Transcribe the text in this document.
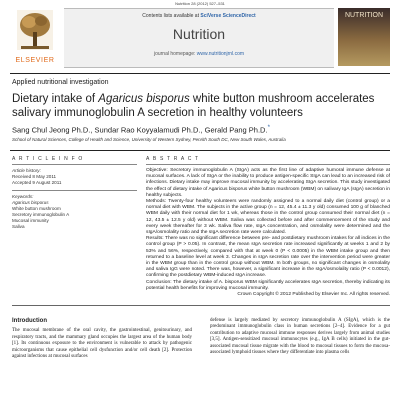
Nutrition 28 (2012) 527–531
ELSEVIER
Contents lists available at SciVerse ScienceDirect
Nutrition
journal homepage: www.nutritionjrnl.com
NUTRITION
Applied nutritional investigation
Dietary intake of Agaricus bisporus white button mushroom accelerates salivary immunoglobulin A secretion in healthy volunteers
Sang Chul Jeong Ph.D., Sundar Rao Koyyalamudi Ph.D., Gerald Pang Ph.D.*
School of Natural Sciences, College of Health and Science, University of Western Sydney, Penrith South DC, New South Wales, Australia
A R T I C L E I N F O	A B S T R A C T
Article history:
Received 8 May 2011
Accepted 9 August 2011
Keywords:
Agaricus bisporus
White button mushroom
Secretory immunoglobulin A
Mucosal immunity
Saliva

Objective: Secretory immunoglobulin A (SIgA) acts as the first line of adaptive humoral immune defense at mucosal surfaces. A lack of SIgA or the inability to produce antigen-specific SIgA can lead to an increased risk of infections. Dietary intake may improve mucosal immunity by accelerating SIgA secretion. This study investigated the effect of dietary intake of Agaricus bisporus white button mushroom (WBM) on salivary IgA (sIgA) secretion in healthy subjects.

Methods: Twenty-four healthy volunteers were randomly assigned to a normal daily diet (control group) or a normal diet with WBM. The subjects in the active group (n = 12, 45.4 ± 11.3 y old) consumed 100 g of blanched WBM daily with their normal diet for 1 wk, whereas those in the control group consumed their normal diet (n = 12, 43.5 ± 12.5 y old) without WBM. Saliva was collected before and after commencement of the study and every week thereafter for 3 wk. Saliva flow rate, sIgA concentration, and osmolality were determined and the sIgA/osmolality ratio and the sIgA secretion rate were calculated.

Results: There was no significant difference between pre- and postdietary mushroom intakes for all indices in the control group (P > 0.05). In contrast, the mean sIgA secretion rate increased significantly at weeks 1 and 2 by 53% and 56%, respectively, compared with that at week 0 (P < 0.0005) in the WBM intake group and then returned to a baseline level at week 3. Changes in sIgA secretion rate over the intervention period were greater in the WBM group than in the control group without WBM. In both groups, no significant changes in osmolality and saliva IgG were noted. There was, however, a significant increase in the sIgA/osmolality ratio (P < 0.0012), confirming the postdietary WBM-induced sIgA increase.

Conclusion: The dietary intake of A. bisporus WBM significantly accelerates sIgA secretion, thereby indicating its potential health benefits for improving mucosal immunity.

Crown Copyright © 2012 Published by Elsevier Inc. All rights reserved.

Introduction

The mucosal membrane of the oral cavity, the gastrointestinal, genitourinary, and respiratory tracts, and the mammary gland occupies the largest area of the human body [1]. Its continuous exposure to the environment is vulnerable to attack by pathogenic microorganisms that cause epithelial cell dysfunction and/or cell death [2]. Protection against infections at mucosal surfaces

defense is largely mediated by secretory immunoglobulin A (SIgA), which is the predominant immunoglobulin class in human secretions [2–4]. Evidence for a gut contribution to adaptive mucosal immune responses derives largely from animal studies [3,5]. Antigen-sensitized mucosal immunocytes (e.g., IgA B cells) initiated in the gut-associated mucosal tissue migrate with the blood to mucosal tissues to form the mucosa-associated lymphoid tissues where they differentiate into plasma cells
